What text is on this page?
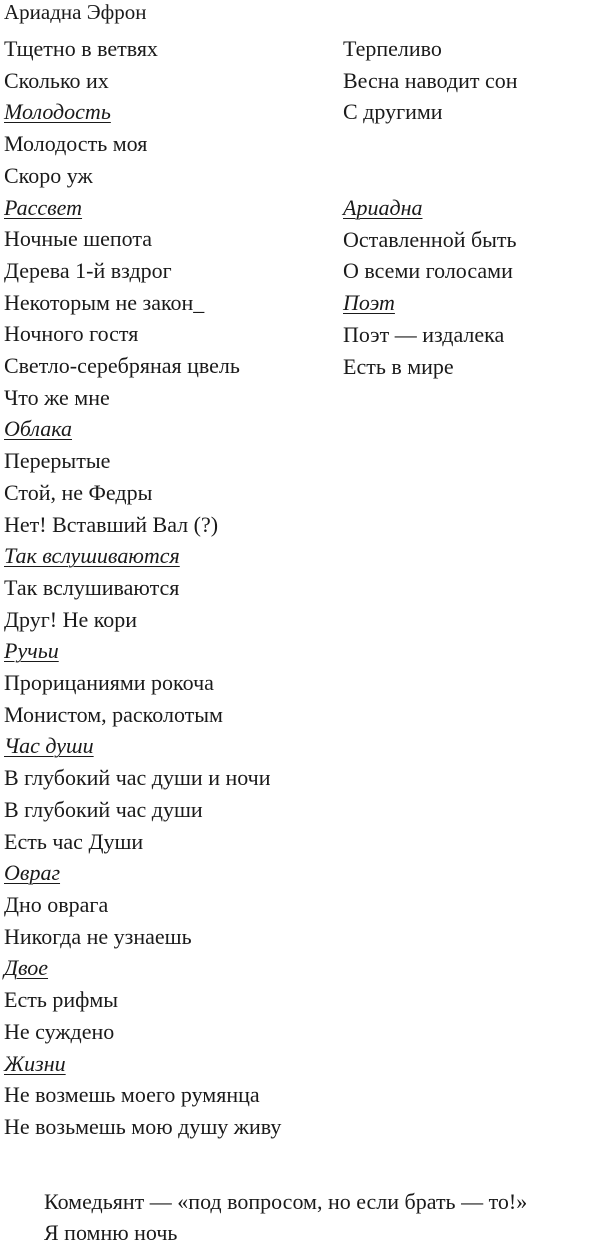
Ариадна Эфрон
Тщетно в ветвях
Сколько их
Молодость
Молодость моя
Скоро уж
Рассвет
Ночные шепота
Дерева 1-й вздрог
Некоторым не закон_
Ночного гостя
Светло-серебряная цвель
Что же мне
Облака
Перерытые
Стой, не Федры
Нет! Вставший Вал (?)
Так вслушиваются
Так вслушиваются
Друг! Не кори
Ручьи
Прорицаниями рокоча
Монистом, расколотым
Час души
В глубокий час души и ночи
В глубокий час души
Есть час Души
Овраг
Дно оврага
Никогда не узнаешь
Двое
Есть рифмы
Не суждено
Жизни
Не возмешь моего румянца
Не возьмешь мою душу живу
Терпеливо
Весна наводит сон
С другими
Ариадна
Оставленной быть
О всеми голосами
Поэт
Поэт — издалека
Есть в мире
Комедьянт — «под вопросом, но если брать — то!»
Я помню ночь
